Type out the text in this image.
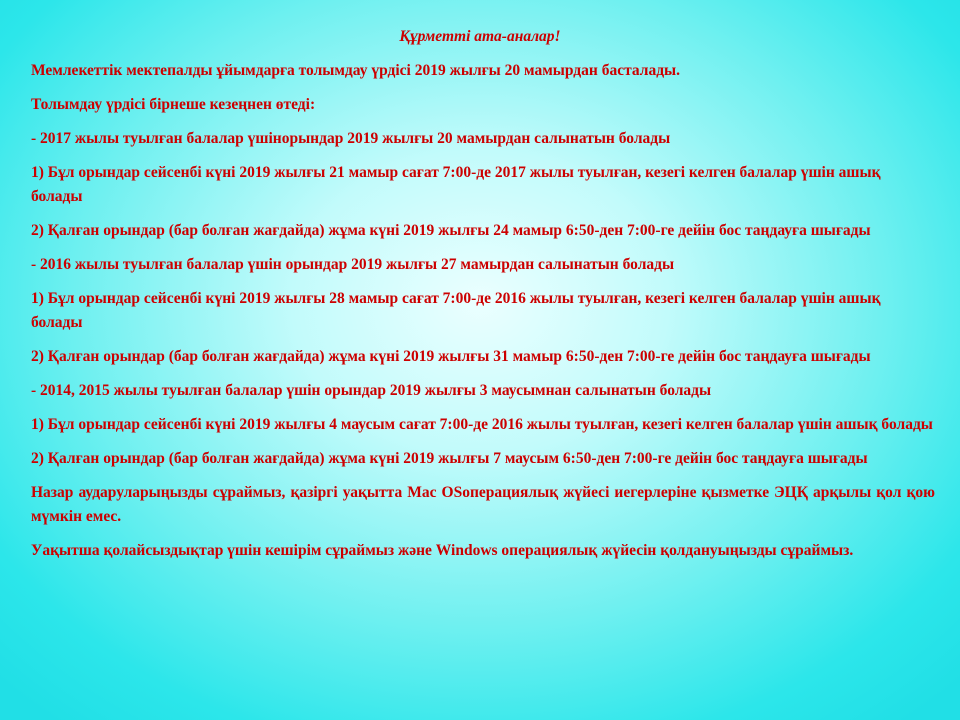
Құрметті ата-аналар!
Мемлекеттік мектепалды ұйымдарға толымдау үрдісі 2019 жылғы 20 мамырдан басталады.
Толымдау үрдісі бірнеше кезеңнен өтеді:
- 2017 жылы туылған балалар үшінорындар 2019 жылғы 20 мамырдан салынатын болады
1) Бұл орындар сейсенбі күні 2019 жылғы 21 мамыр сағат 7:00-де 2017 жылы туылған, кезегі келген балалар үшін ашық болады
2) Қалған орындар (бар болған жағдайда) жұма күні 2019 жылғы 24 мамыр 6:50-ден 7:00-ге дейін бос таңдауға шығады
- 2016 жылы туылған балалар үшін орындар 2019 жылғы 27 мамырдан салынатын болады
1) Бұл орындар сейсенбі күні 2019 жылғы 28 мамыр сағат 7:00-де 2016 жылы туылған, кезегі келген балалар үшін ашық болады
2) Қалған орындар (бар болған жағдайда) жұма күні 2019 жылғы 31 мамыр 6:50-ден 7:00-ге дейін бос таңдауға шығады
- 2014, 2015 жылы туылған балалар үшін орындар 2019 жылғы 3 маусымнан салынатын болады
1) Бұл орындар сейсенбі күні 2019 жылғы 4 маусым сағат 7:00-де 2016 жылы туылған, кезегі келген балалар үшін ашық болады
2) Қалған орындар (бар болған жағдайда) жұма күні 2019 жылғы 7 маусым 6:50-ден 7:00-ге дейін бос таңдауға шығады
Назар аударуларыңызды сұраймыз, қазіргі уақытта Mac OSоперациялық жүйесі иегерлеріне қызметке ЭЦҚ арқылы қол қою мүмкін емес.
Уақытша қолайсыздықтар үшін кешірім сұраймыз және Windows операциялық жүйесін қолдануыңызды сұраймыз.
